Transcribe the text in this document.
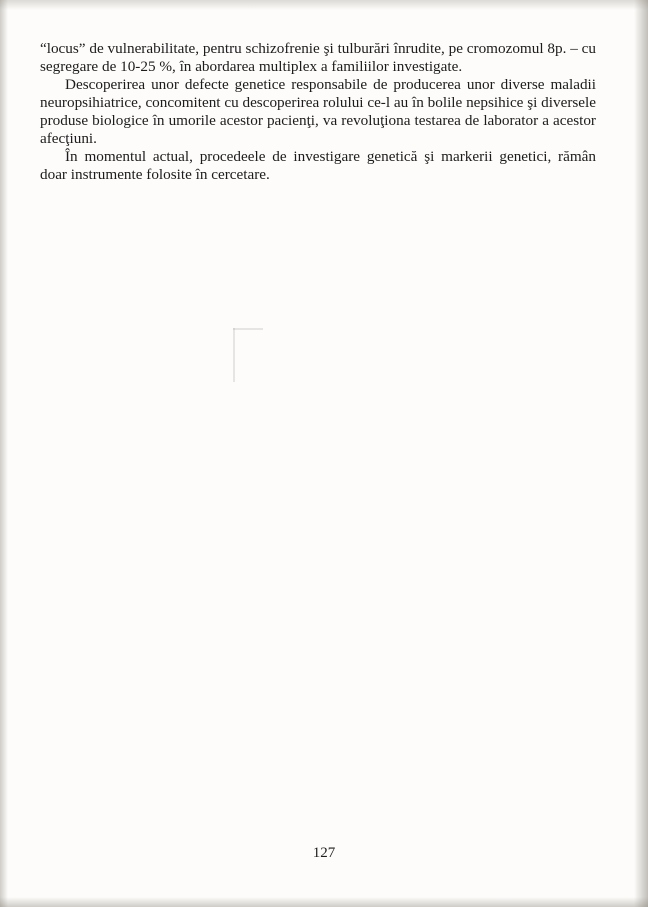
“locus” de vulnerabilitate, pentru schizofrenie şi tulburări înrudite, pe cromozomul 8p. – cu segregare de 10-25 %, în abordarea multiplex a familiilor investigate.

Descoperirea unor defecte genetice responsabile de producerea unor diverse maladii neuropsihiatrice, concomitent cu descoperirea rolului ce-l au în bolile nepsihice şi diversele produse biologice în umorile acestor pacienţi, va revoluţiona testarea de laborator a acestor afecţiuni.

În momentul actual, procedeele de investigare genetică şi markerii genetici, rămân doar instrumente folosite în cercetare.

127
